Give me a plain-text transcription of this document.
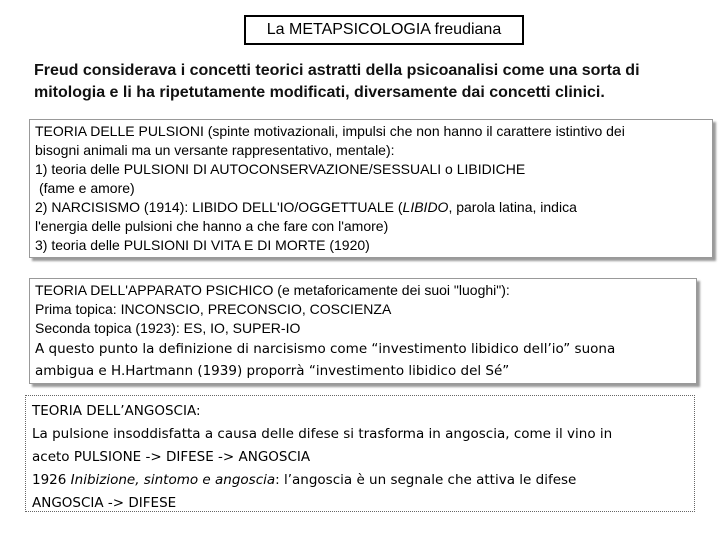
La METAPSICOLOGIA freudiana
Freud considerava i concetti teorici astratti della psicoanalisi come una sorta di
mitologia e li ha ripetutamente modificati, diversamente dai concetti clinici.
TEORIA DELLE PULSIONI (spinte motivazionali, impulsi che non hanno il carattere istintivo dei
bisogni animali ma un versante rappresentativo, mentale):
1) teoria delle PULSIONI DI AUTOCONSERVAZIONE/SESSUALI o LIBIDICHE
(fame e amore)
2) NARCISISMO (1914): LIBIDO DELL'IO/OGGETTUALE (LIBIDO, parola latina, indica
l'energia delle pulsioni che hanno a che fare con l'amore)
3) teoria delle PULSIONI DI VITA E DI MORTE (1920)
TEORIA DELL'APPARATO PSICHICO (e metaforicamente dei suoi "luoghi"):
Prima topica: INCONSCIO, PRECONSCIO, COSCIENZA
Seconda topica (1923): ES, IO, SUPER-IO
A questo punto la definizione di narcisismo come “investimento libidico dell’io” suona
ambigua e H.Hartmann (1939) proporrà “investimento libidico del Sé”
TEORIA DELL’ANGOSCIA:
La pulsione insoddisfatta a causa delle difese si trasforma in angoscia, come il vino in
aceto PULSIONE -> DIFESE -> ANGOSCIA
1926 Inibizione, sintomo e angoscia: l’angoscia è un segnale che attiva le difese
ANGOSCIA -> DIFESE
